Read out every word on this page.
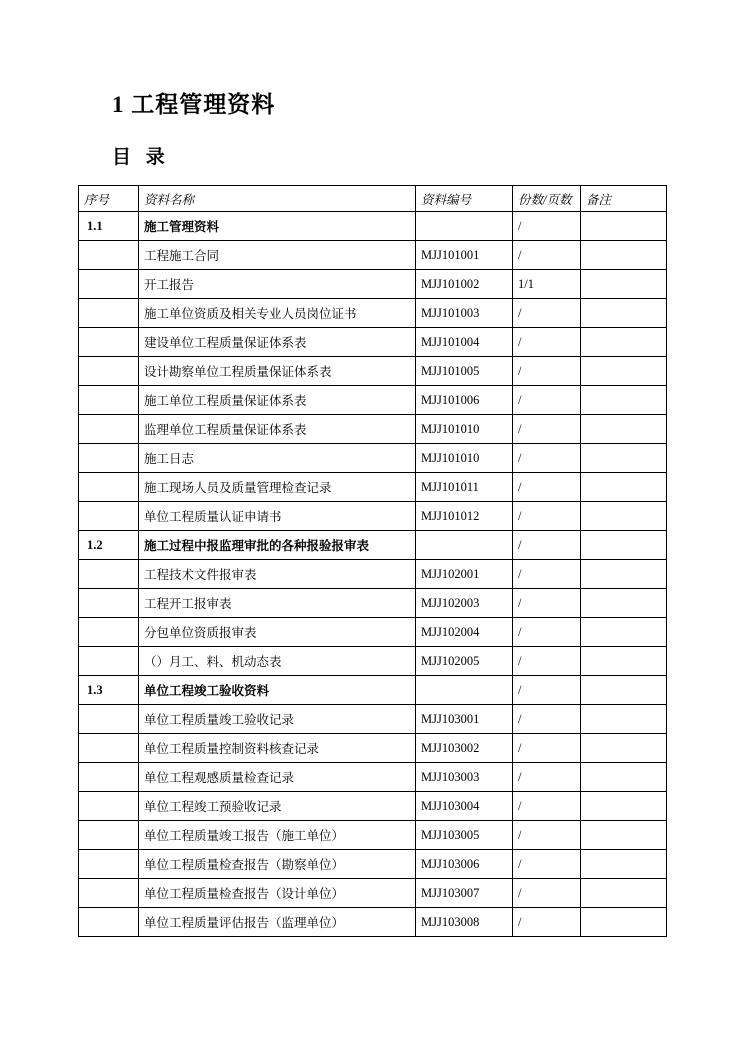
1 工程管理资料
目 录
序号	资料名称	资料编号	份数/页数	备注
1.1	施工管理资料		/	
	工程施工合同	MJJ101001	/	
	开工报告	MJJ101002	1/1	
	施工单位资质及相关专业人员岗位证书	MJJ101003	/	
	建设单位工程质量保证体系表	MJJ101004	/	
	设计勘察单位工程质量保证体系表	MJJ101005	/	
	施工单位工程质量保证体系表	MJJ101006	/	
	监理单位工程质量保证体系表	MJJ101010	/	
	施工日志	MJJ101010	/	
	施工现场人员及质量管理检查记录	MJJ101011	/	
	单位工程质量认证申请书	MJJ101012	/	
1.2	施工过程中报监理审批的各种报验报审表		/	
	工程技术文件报审表	MJJ102001	/	
	工程开工报审表	MJJ102003	/	
	分包单位资质报审表	MJJ102004	/	
	（）月工、料、机动态表	MJJ102005	/	
1.3	单位工程竣工验收资料		/	
	单位工程质量竣工验收记录	MJJ103001	/	
	单位工程质量控制资料核查记录	MJJ103002	/	
	单位工程观感质量检查记录	MJJ103003	/	
	单位工程竣工预验收记录	MJJ103004	/	
	单位工程质量竣工报告（施工单位）	MJJ103005	/	
	单位工程质量检查报告（勘察单位）	MJJ103006	/	
	单位工程质量检查报告（设计单位）	MJJ103007	/	
	单位工程质量评估报告（监理单位）	MJJ103008	/	
